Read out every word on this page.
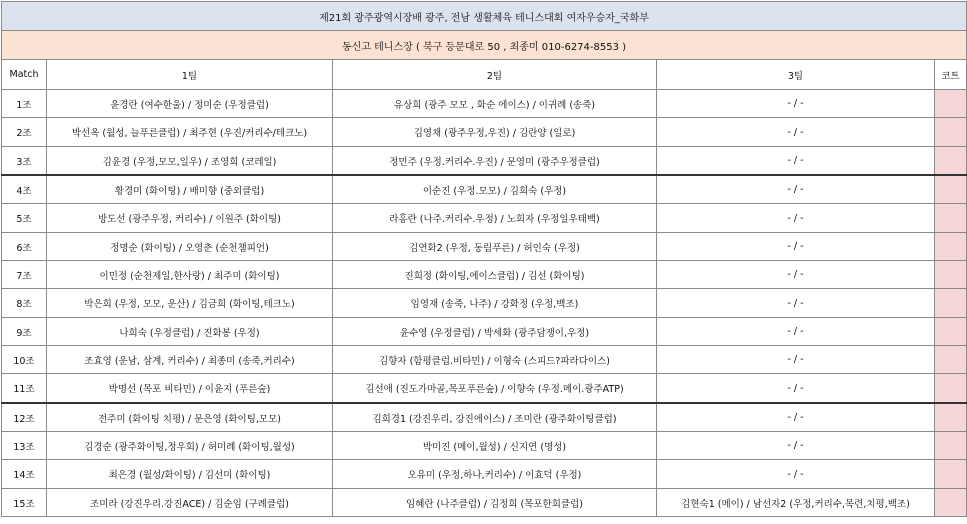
제21회 광주광역시장배 광주, 전남 생활체육 테니스대회 여자우승자_국화부				
동신고 테니스장 ( 북구 등문대로 50 , 최종미 010-6274-8553 )				
Match	1팀	2팀	3팀	코트
1조	윤경란 (여수한울) / 정미순 (우정클럽)	유상희 (광주 모모 , 화순 에이스) / 이귀례 (송죽)	- / -	
2조	박선옥 (월성, 늘푸른클럽) / 최주현 (우진/커리수/테크노)	김영채 (광주우정,우진) / 김란양 (일로)	- / -	
3조	김윤경 (우정,모모,일우) / 조영희 (코레일)	정민주 (우정.커리수.우진) / 문영미 (광주우정클럽)	- / -	
4조	황경미 (화이팅) / 배미향 (중외클럽)	이순진 (우정.모모) / 김희숙 (우정)	- / -	
5조	방도선 (광주우정, 커리수) / 이원주 (화이팅)	라홍란 (나주.커리수.우정) / 노희자 (우정일우태백)	- / -	
6조	정명순 (화이팅) / 오영춘 (순천챔피언)	김연화2 (우정, 동림푸른) / 허인숙 (우정)	- / -	
7조	이민정 (순천제일,한사랑) / 최주미 (화이팅)	진희정 (화이팅,에이스클럽) / 김선 (화이팅)	- / -	
8조	박은희 (우정, 모모, 운산) / 김금희 (화이팅,테크노)	임영재 (송죽, 나주) / 강화정 (우정,백조)	- / -	
9조	나희숙 (우정클럽) / 진화봉 (우정)	윤수영 (우정클럽) / 박세화 (광주담쟁이,우정)	- / -	
10조	조효영 (운남, 삼계, 커리수) / 최종미 (송죽,커리수)	김향자 (함평클럽.비타민) / 이형숙 (스피드?파라다이스)	- / -	
11조	박명선 (목포 비타민) / 이윤지 (푸른숲)	김선애 (진도가마골,목포푸른숲) / 이향숙 (우정.메이.광주ATP)	- / -	
12조	전주미 (화이팅 치평) / 문은영 (화이팅,모모)	김희경1 (강진우리, 강진에이스) / 조미란 (광주화이팅클럽)	- / -	
13조	김경순 (광주화이팅,정우회) / 허미례 (화이팅,월성)	박미진 (메이,월성) / 신지연 (명성)	- / -	
14조	최은경 (월성/화이팅) / 김선미 (화이팅)	오유미 (우정,하나,커리수) / 이효덕 (우정)	- / -	
15조	조미라 (강진우리.강진ACE) / 김순임 (구례클럽)	임혜란 (나주클럽) / 김정희 (목포한희클럽)	김현숙1 (메이) / 남선자2 (우정,커리수,목련,치평,백조)	
